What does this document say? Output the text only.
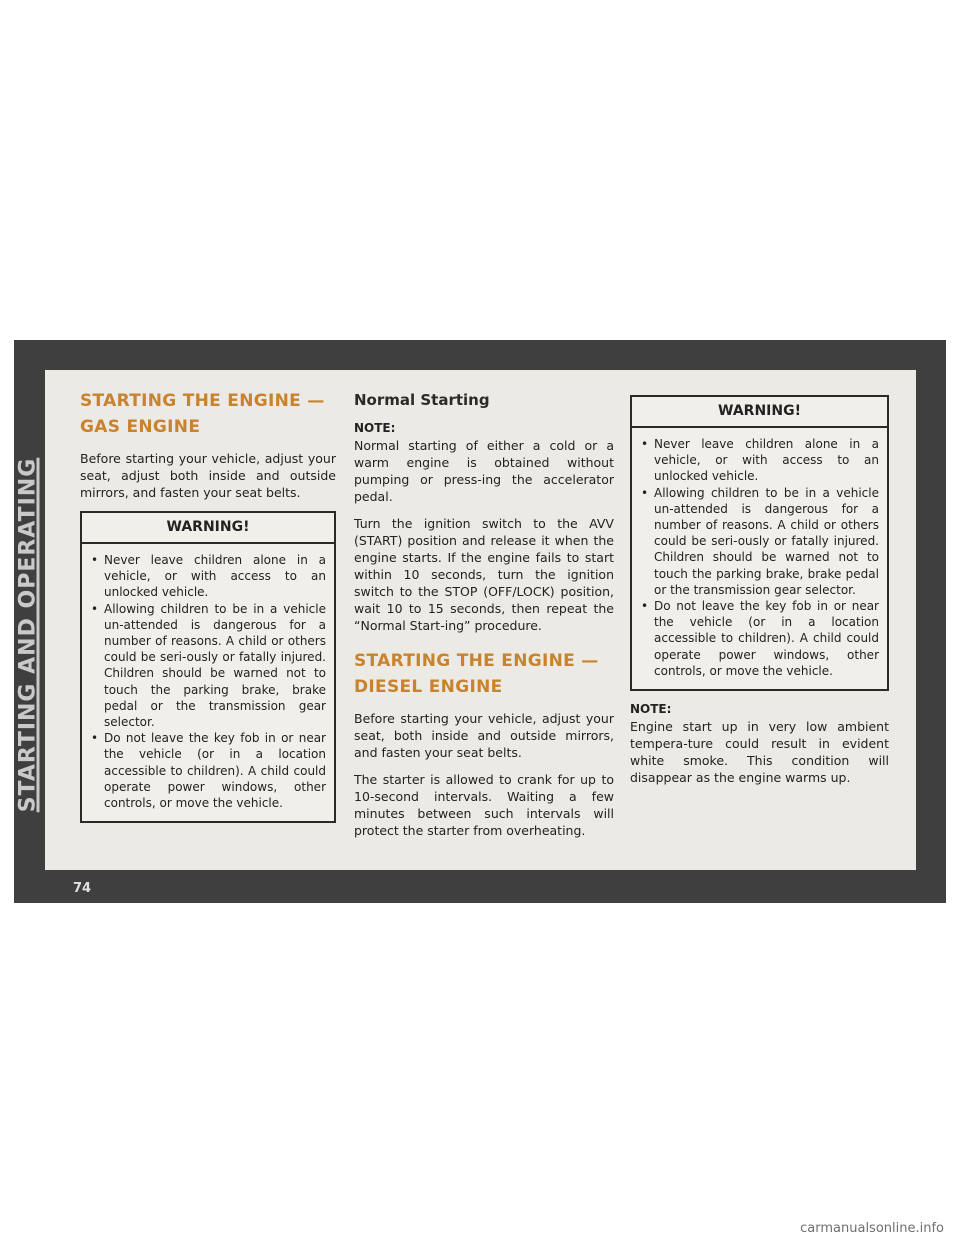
STARTING AND OPERATING
STARTING THE ENGINE — GAS ENGINE

Before starting your vehicle, adjust your seat, adjust both inside and outside mirrors, and fasten your seat belts.

WARNING!
• Never leave children alone in a vehicle, or with access to an unlocked vehicle.
• Allowing children to be in a vehicle un-attended is dangerous for a number of reasons. A child or others could be seri-ously or fatally injured. Children should be warned not to touch the parking brake, brake pedal or the transmission gear selector.
• Do not leave the key fob in or near the vehicle (or in a location accessible to children). A child could operate power windows, other controls, or move the vehicle.
Normal Starting

NOTE:

Normal starting of either a cold or a warm engine is obtained without pumping or press-ing the accelerator pedal.

Turn the ignition switch to the AVV (START) position and release it when the engine starts. If the engine fails to start within 10 seconds, turn the ignition switch to the STOP (OFF/LOCK) position, wait 10 to 15 seconds, then repeat the “Normal Start-ing” procedure.

STARTING THE ENGINE — DIESEL ENGINE

Before starting your vehicle, adjust your seat, both inside and outside mirrors, and fasten your seat belts.

The starter is allowed to crank for up to 10-second intervals. Waiting a few minutes between such intervals will protect the starter from overheating.

WARNING!
• Never leave children alone in a vehicle, or with access to an unlocked vehicle.
• Allowing children to be in a vehicle un-attended is dangerous for a number of reasons. A child or others could be seri-ously or fatally injured. Children should be warned not to touch the parking brake, brake pedal or the transmission gear selector.
• Do not leave the key fob in or near the vehicle (or in a location accessible to children). A child could operate power windows, other controls, or move the vehicle.

NOTE:

Engine start up in very low ambient tempera-ture could result in evident white smoke. This condition will disappear as the engine warms up.

74
carmanualsonline.info
